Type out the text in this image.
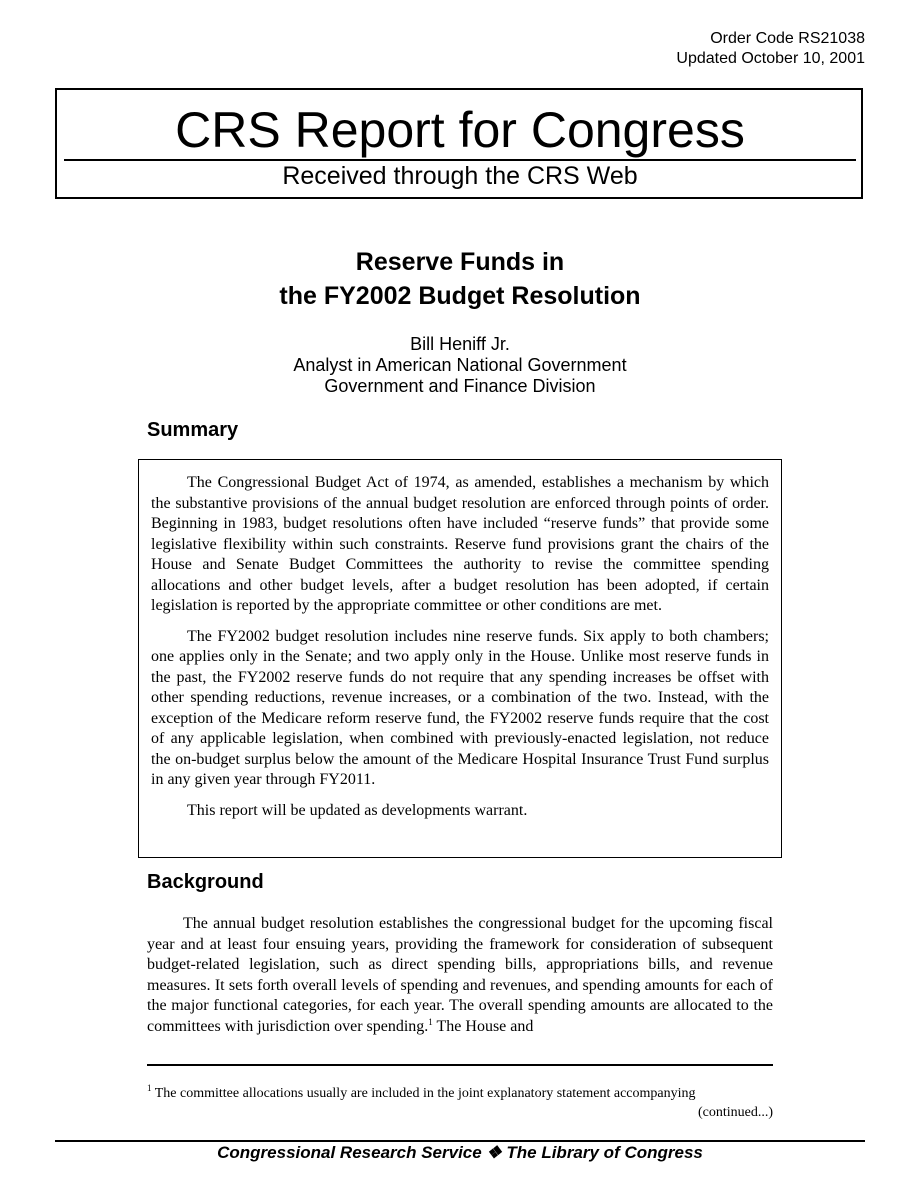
Order Code RS21038
Updated October 10, 2001
CRS Report for Congress
Received through the CRS Web
Reserve Funds in
the FY2002 Budget Resolution
Bill Heniff Jr.
Analyst in American National Government
Government and Finance Division
Summary

The Congressional Budget Act of 1974, as amended, establishes a mechanism by which the substantive provisions of the annual budget resolution are enforced through points of order. Beginning in 1983, budget resolutions often have included “reserve funds” that provide some legislative flexibility within such constraints. Reserve fund provisions grant the chairs of the House and Senate Budget Committees the authority to revise the committee spending allocations and other budget levels, after a budget resolution has been adopted, if certain legislation is reported by the appropriate committee or other conditions are met.

The FY2002 budget resolution includes nine reserve funds. Six apply to both chambers; one applies only in the Senate; and two apply only in the House. Unlike most reserve funds in the past, the FY2002 reserve funds do not require that any spending increases be offset with other spending reductions, revenue increases, or a combination of the two. Instead, with the exception of the Medicare reform reserve fund, the FY2002 reserve funds require that the cost of any applicable legislation, when combined with previously-enacted legislation, not reduce the on-budget surplus below the amount of the Medicare Hospital Insurance Trust Fund surplus in any given year through FY2011.

This report will be updated as developments warrant.

Background

The annual budget resolution establishes the congressional budget for the upcoming fiscal year and at least four ensuing years, providing the framework for consideration of subsequent budget-related legislation, such as direct spending bills, appropriations bills, and revenue measures. It sets forth overall levels of spending and revenues, and spending amounts for each of the major functional categories, for each year. The overall spending amounts are allocated to the committees with jurisdiction over spending.$^1$ The House and

$^1$ The committee allocations usually are included in the joint explanatory statement accompanying
(continued...)
Congressional Research Service ❖ The Library of Congress
